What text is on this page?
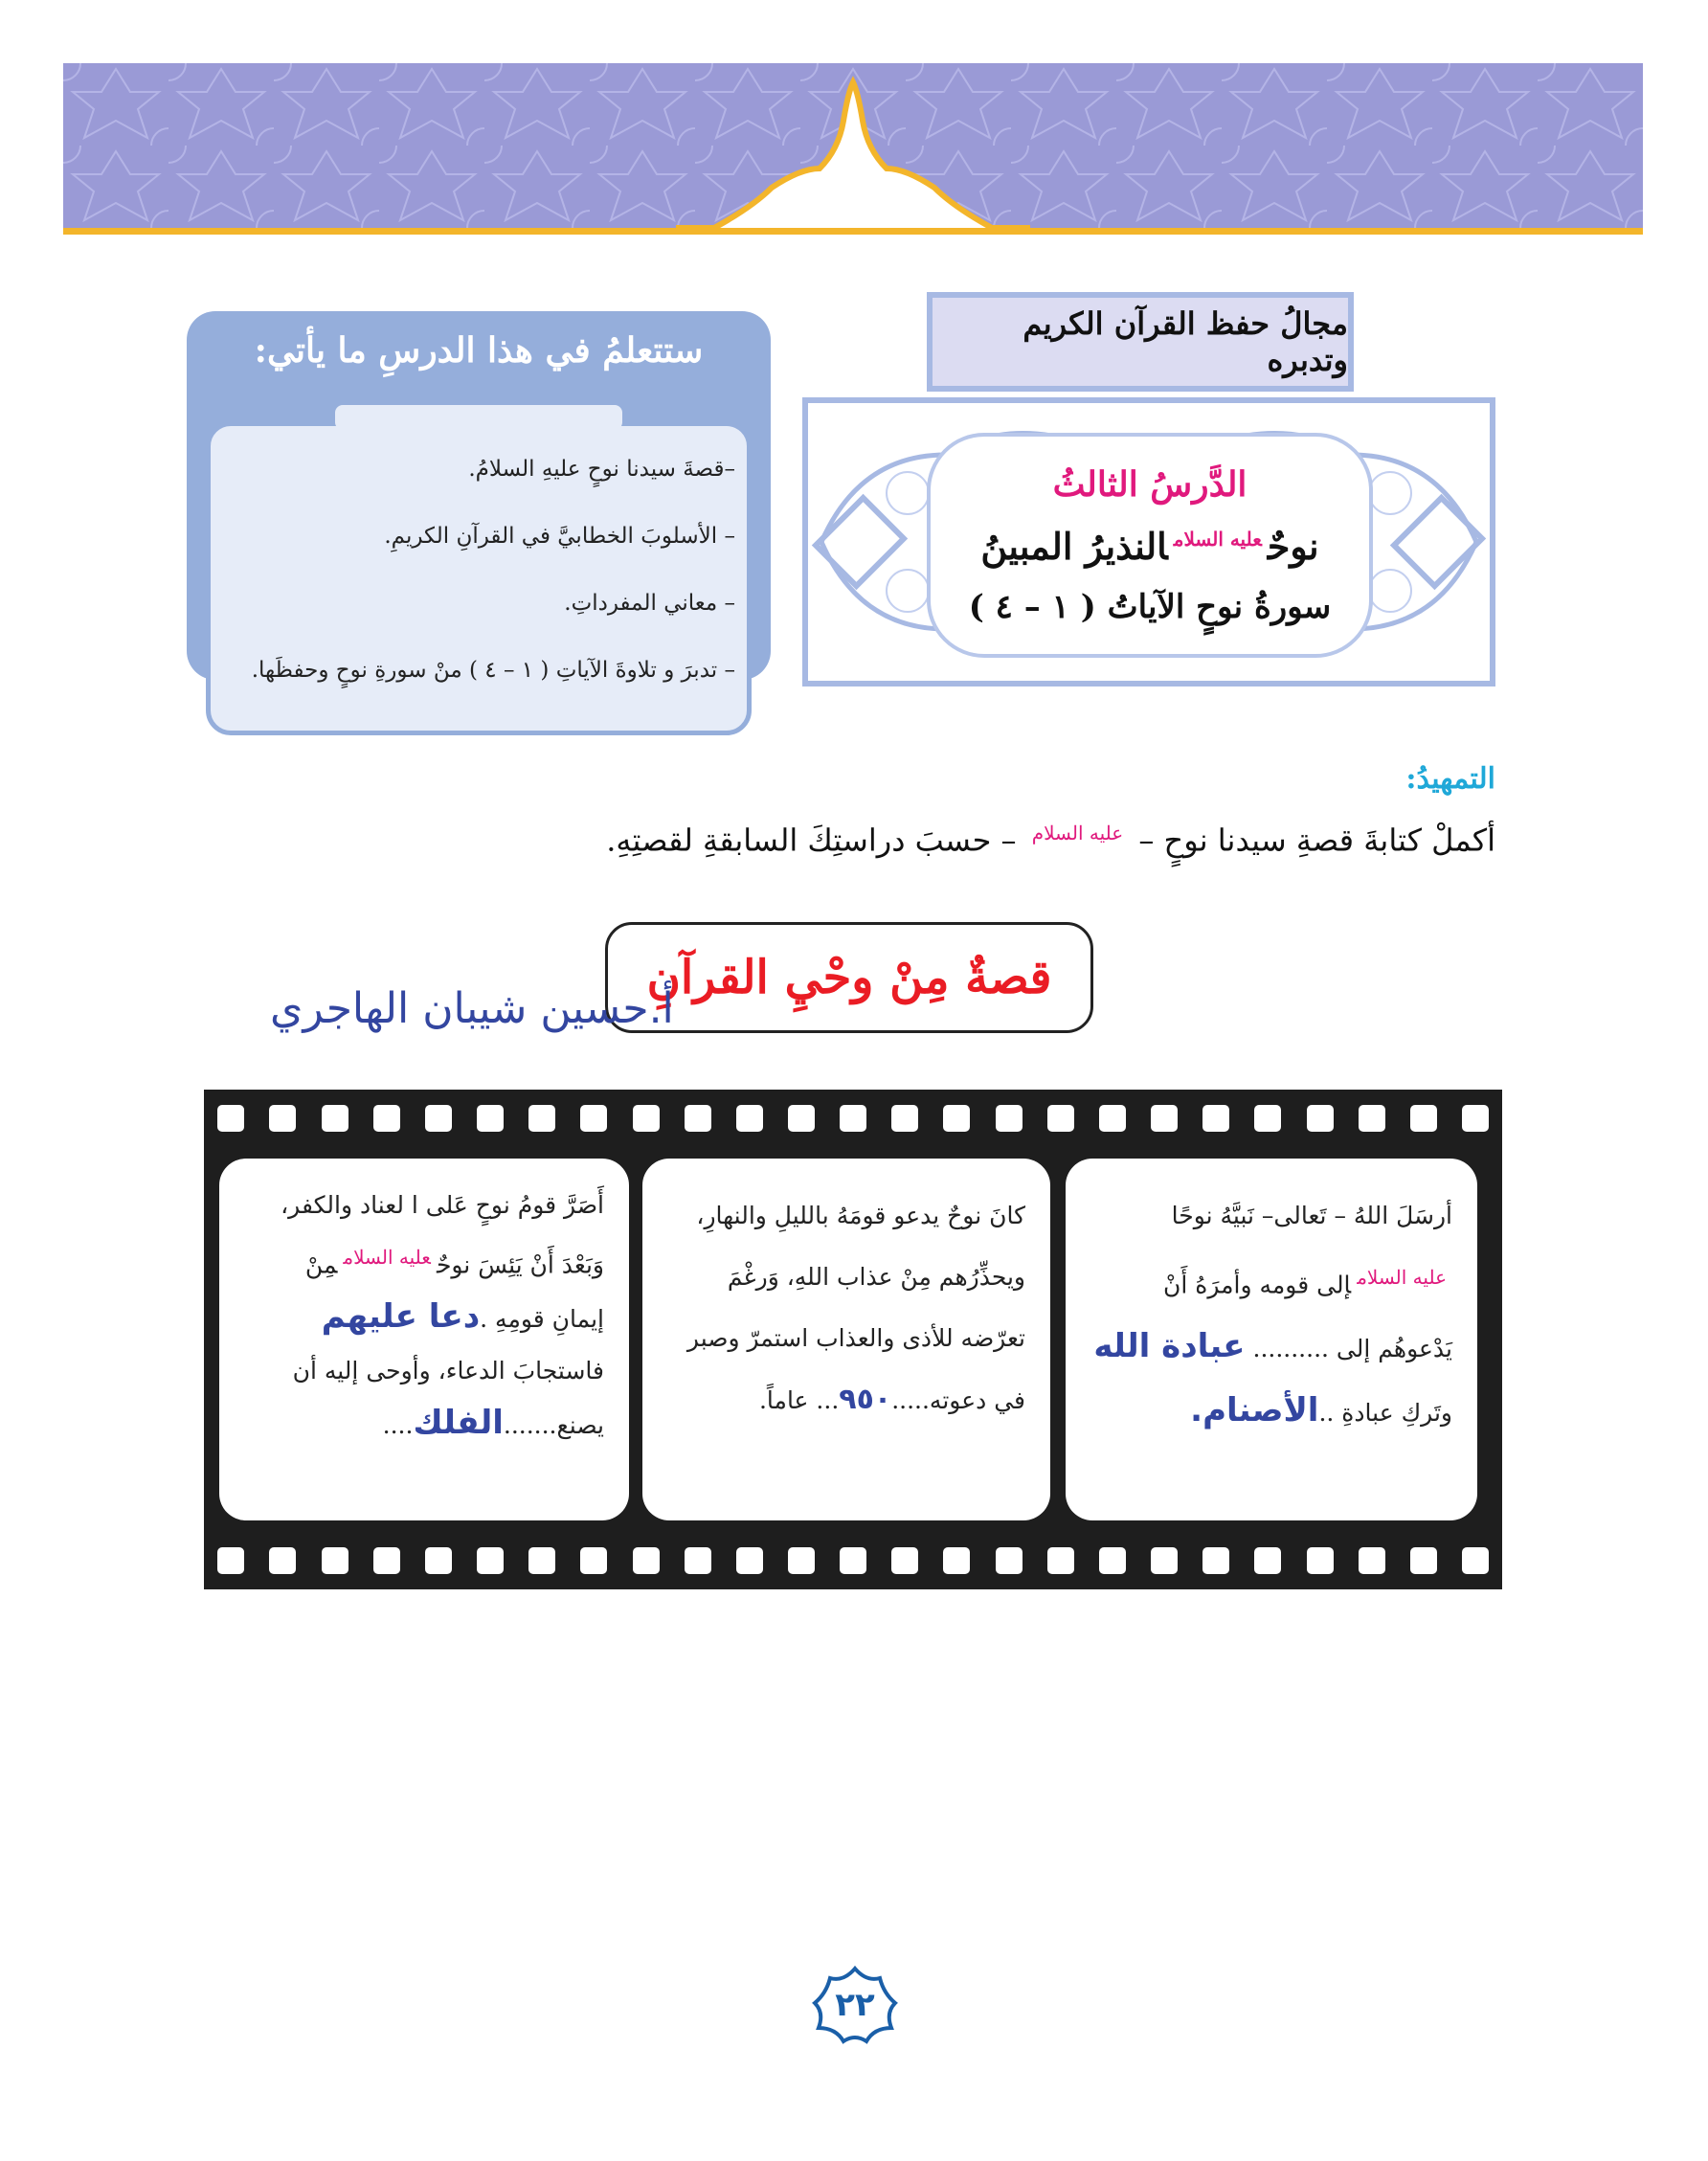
مجالُ حفظ القرآن الكريم وتدبره
الدَّرسُ الثالثُ
نوحٌ$^{عليه السلام}$النذيرُ المبينُ
سورةُ نوحٍ الآياتُ ( ١ – ٤ )
ستتعلمُ في هذا الدرسِ ما يأتي:
–قصةَ سيدنا نوحٍ عليهِ السلامُ.
– الأسلوبَ الخطابيَّ في القرآنِ الكريمِ.
– معاني المفرداتِ.
– تدبرَ و تلاوةَ الآياتِ ( ١ – ٤ ) منْ سورةِ نوحٍ وحفظَها.
التمهيدُ:
أكملْ كتابةَ قصةِ سيدنا نوحٍ – $^{عليه السلام}$ – حسبَ دراستِكَ السابقةِ لقصتِهِ.
قصةٌ مِنْ وحْيِ القرآنِ
أ.حسين شيبان الهاجري
أرسَلَ اللهُ – تَعالى– نَبيَّهُ نوحًا
$^{عليه السلام}$إلى قومه وأمرَهُ أَنْ
يَدْعوهُم إلى .......... عبادة الله
وتَركِ عبادةِ ..الأصنام.
كانَ نوحٌ يدعو قومَهُ بالليلِ والنهارِ،
ويحذِّرُهم مِنْ عذاب اللهِ، وَرغْمَ
تعرّضه للأذى والعذاب استمرّ وصبر
في دعوته.....٩٥٠... عاماً.
أَصَرَّ قومُ نوحٍ عَلى ا لعناد والكفر،
وَبَعْدَ أَنْ يَئِسَ نوحٌ$^{عليه السلام}$مِنْ
إيمانِ قومِهِ .دعا عليهم
فاستجابَ الدعاء، وأوحى إليه أن
يصنع.......الفلك....
٢٢
